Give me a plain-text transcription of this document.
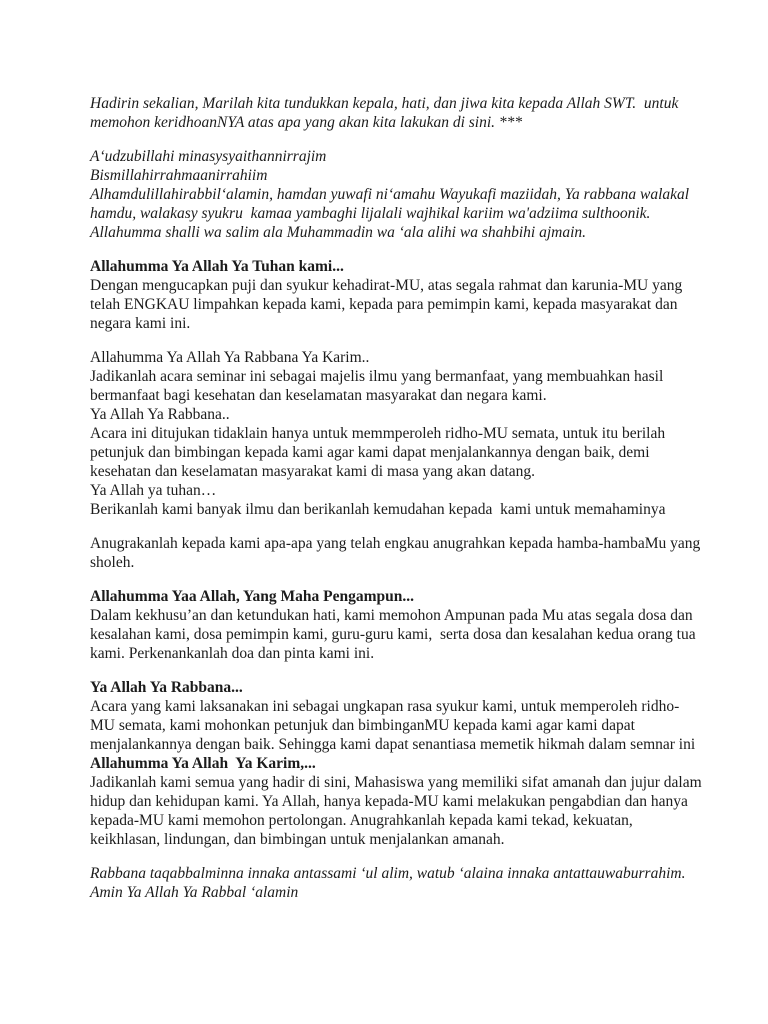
Hadirin sekalian, Marilah kita tundukkan kepala, hati, dan jiwa kita kepada Allah SWT.  untuk memohon keridhoanNYA atas apa yang akan kita lakukan di sini. ***

A‘udzubillahi minasysyaithannirrajim

Bismillahirrahmaanirrahiim

Alhamdulillahirabbil‘alamin, hamdan yuwafi ni‘amahu Wayukafi maziidah, Ya rabbana walakal hamdu, walakasy syukru  kamaa yambaghi lijalali wajhikal kariim wa'adziima sulthoonik.

Allahumma shalli wa salim ala Muhammadin wa ‘ala alihi wa shahbihi ajmain.

Allahumma Ya Allah Ya Tuhan kami...

Dengan mengucapkan puji dan syukur kehadirat-MU, atas segala rahmat dan karunia-MU yang telah ENGKAU limpahkan kepada kami, kepada para pemimpin kami, kepada masyarakat dan negara kami ini.

Allahumma Ya Allah Ya Rabbana Ya Karim..

Jadikanlah acara seminar ini sebagai majelis ilmu yang bermanfaat, yang membuahkan hasil bermanfaat bagi kesehatan dan keselamatan masyarakat dan negara kami.

Ya Allah Ya Rabbana..

Acara ini ditujukan tidaklain hanya untuk memmperoleh ridho-MU semata, untuk itu berilah petunjuk dan bimbingan kepada kami agar kami dapat menjalankannya dengan baik, demi kesehatan dan keselamatan masyarakat kami di masa yang akan datang.

Ya Allah ya tuhan…

Berikanlah kami banyak ilmu dan berikanlah kemudahan kepada  kami untuk memahaminya

Anugrakanlah kepada kami apa-apa yang telah engkau anugrahkan kepada hamba-hambaMu yang sholeh.

Allahumma Yaa Allah, Yang Maha Pengampun...

Dalam kekhusu’an dan ketundukan hati, kami memohon Ampunan pada Mu atas segala dosa dan kesalahan kami, dosa pemimpin kami, guru-guru kami,  serta dosa dan kesalahan kedua orang tua kami. Perkenankanlah doa dan pinta kami ini.

Ya Allah Ya Rabbana...

Acara yang kami laksanakan ini sebagai ungkapan rasa syukur kami, untuk memperoleh ridho-MU semata, kami mohonkan petunjuk dan bimbinganMU kepada kami agar kami dapat menjalankannya dengan baik. Sehingga kami dapat senantiasa memetik hikmah dalam semnar ini

Allahumma Ya Allah  Ya Karim,...

Jadikanlah kami semua yang hadir di sini, Mahasiswa yang memiliki sifat amanah dan jujur dalam hidup dan kehidupan kami. Ya Allah, hanya kepada-MU kami melakukan pengabdian dan hanya kepada-MU kami memohon pertolongan. Anugrahkanlah kepada kami tekad, kekuatan, keikhlasan, lindungan, dan bimbingan untuk menjalankan amanah.

Rabbana taqabbalminna innaka antassami ‘ul alim, watub ‘alaina innaka antattauwaburrahim. Amin Ya Allah Ya Rabbal ‘alamin
